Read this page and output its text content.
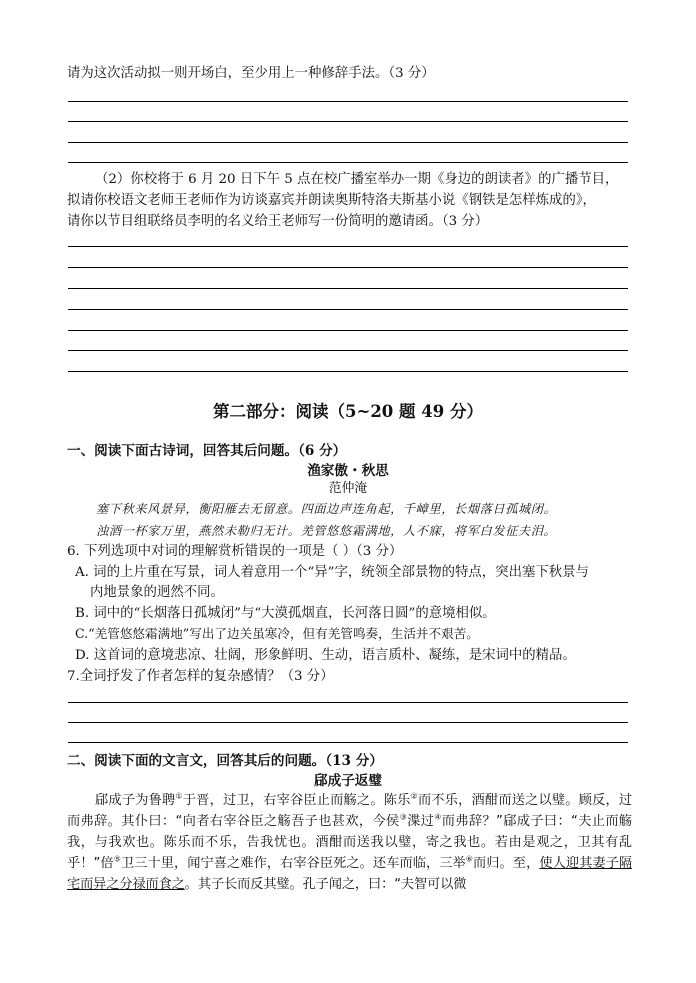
请为这次活动拟一则开场白，至少用上一种修辞手法。（3 分）
（2）你校将于 6 月 20 日下午 5 点在校广播室举办一期《身边的朗读者》的广播节目，
拟请你校语文老师王老师作为访谈嘉宾并朗读奥斯特洛夫斯基小说《钢铁是怎样炼成的》，
请你以节目组联络员李明的名义给王老师写一份简明的邀请函。（3 分）
第二部分：阅读（5~20 题 49 分）
一、阅读下面古诗词，回答其后问题。（6 分）
渔家傲・秋思
范仲淹
塞下秋来风景异，衡阳雁去无留意。四面边声连角起，千嶂里，长烟落日孤城闭。
浊酒一杯家万里，燕然未勒归无计。羌管悠悠霜满地，人不寐，将军白发征夫泪。
6. 下列选项中对词的理解赏析错误的一项是（ ）（3 分）
A. 词的上片重在写景，词人着意用一个“异”字，统领全部景物的特点，突出塞下秋景与
内地景象的迥然不同。
B. 词中的“长烟落日孤城闭”与“大漠孤烟直，长河落日圆”的意境相似。
C.“羌管悠悠霜满地”写出了边关虽寒冷，但有羌管鸣奏，生活并不艰苦。
D. 这首词的意境悲凉、壮阔，形象鲜明、生动，语言质朴、凝练，是宋词中的精品。
7.全词抒发了作者怎样的复杂感情？（3 分）
二、阅读下面的文言文，回答其后的问题。（13 分）
郈成子返璧
郈成子为鲁聘①于晋，过卫，右宰谷臣止而觞之。陈乐②而不乐，酒酣而送之以璧。顾反，过而弗辞。其仆曰：“向者右宰谷臣之觞吾子也甚欢，今侯③渫过④而弗辞？”郈成子曰：“夫止而觞我，与我欢也。陈乐而不乐，告我忧也。酒酣而送我以璧，寄之我也。若由是观之，卫其有乱乎！”倍⑤卫三十里，闻宁喜之难作，右宰谷臣死之。还车而临，三举⑥而归。至，使人迎其妻子隔宅而异之分禄而食之。其子长而反其璧。孔子闻之，曰：“夫智可以微
